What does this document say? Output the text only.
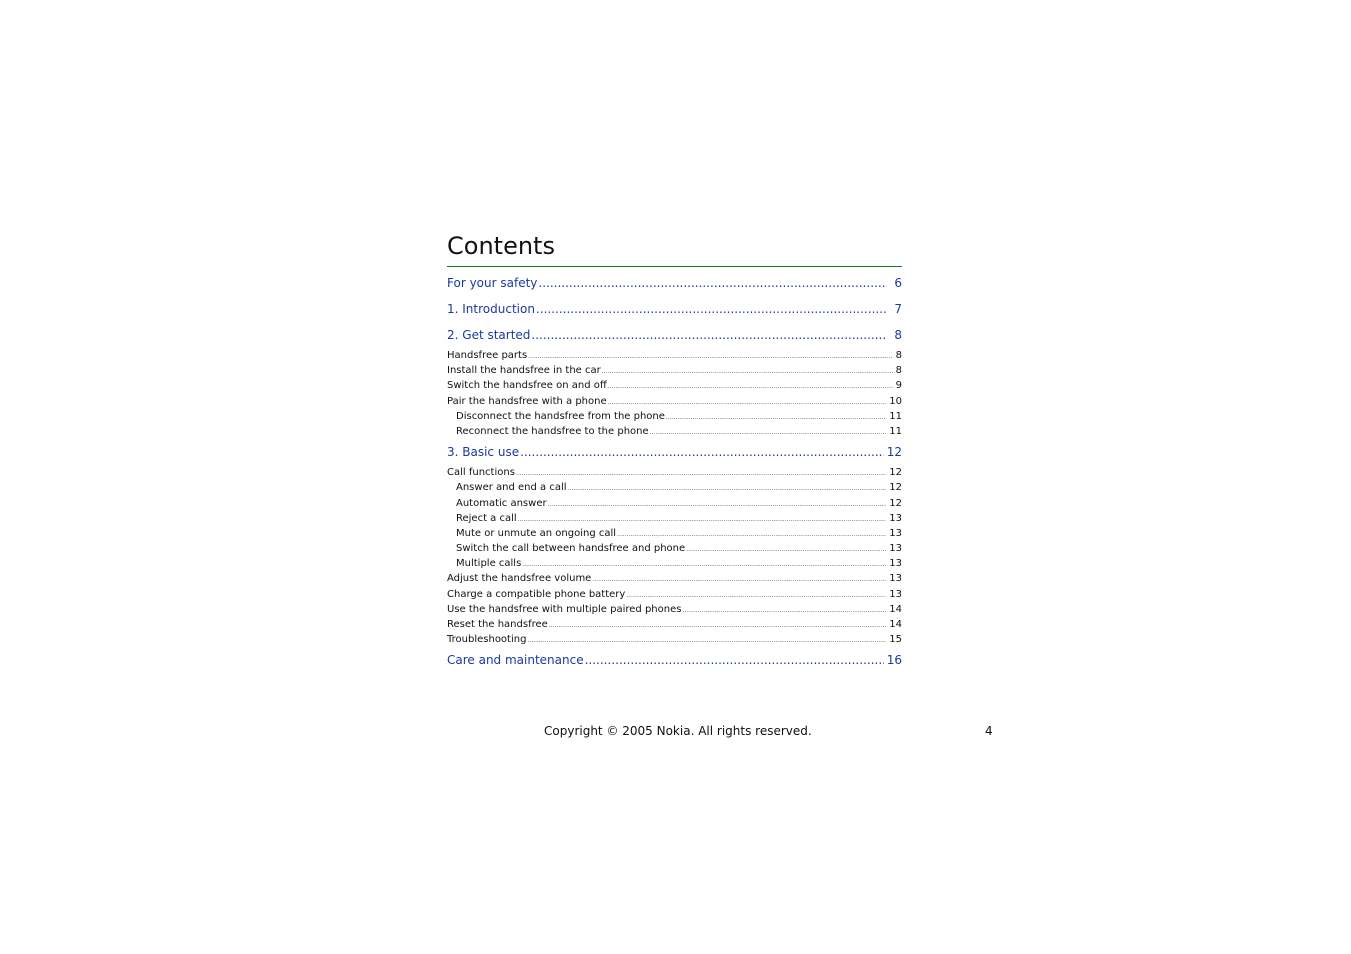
Contents
For your safety .....	6
1. Introduction .....	7
2. Get started .....	8
Handsfree parts .....	8
Install the handsfree in the car .....	8
Switch the handsfree on and off .....	9
Pair the handsfree with a phone .....	10
Disconnect the handsfree from the phone .....	11
Reconnect the handsfree to the phone .....	11
3. Basic use .....	12
Call functions .....	12
Answer and end a call .....	12
Automatic answer .....	12
Reject a call .....	13
Mute or unmute an ongoing call .....	13
Switch the call between handsfree and phone .....	13
Multiple calls .....	13
Adjust the handsfree volume .....	13
Charge a compatible phone battery .....	13
Use the handsfree with multiple paired phones .....	14
Reset the handsfree .....	14
Troubleshooting .....	15
Care and maintenance .....	16
Copyright © 2005 Nokia. All rights reserved.	4
